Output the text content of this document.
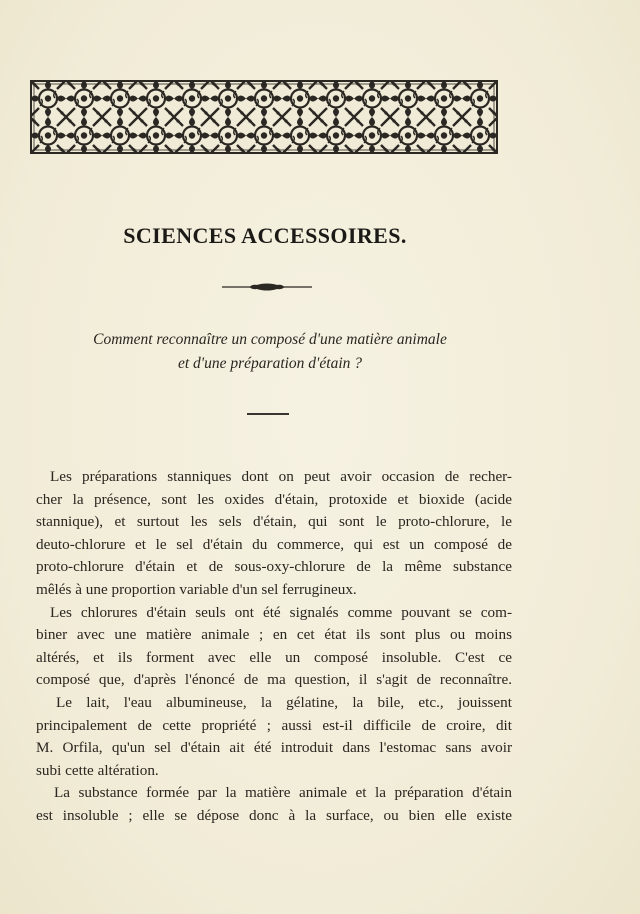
SCIENCES ACCESSOIRES.
Comment reconnaître un composé d'une matière animale
et d'une préparation d'étain ?
Les préparations stanniques dont on peut avoir occasion de recher-
cher la présence, sont les oxides d'étain, protoxide et bioxide (acide
stannique), et surtout les sels d'étain, qui sont le proto-chlorure, le
deuto-chlorure et le sel d'étain du commerce, qui est un composé de
proto-chlorure d'étain et de sous-oxy-chlorure de la même substance
mêlés à une proportion variable d'un sel ferrugineux.
Les chlorures d'étain seuls ont été signalés comme pouvant se com-
biner avec une matière animale ; en cet état ils sont plus ou moins
altérés, et ils forment avec elle un composé insoluble. C'est ce
composé que, d'après l'énoncé de ma question, il s'agit de reconnaître.
Le lait, l'eau albumineuse, la gélatine, la bile, etc., jouissent
principalement de cette propriété ; aussi est-il difficile de croire, dit
M. Orfila, qu'un sel d'étain ait été introduit dans l'estomac sans avoir
subi cette altération.
La substance formée par la matière animale et la préparation d'étain
est insoluble ; elle se dépose donc à la surface, ou bien elle existe
